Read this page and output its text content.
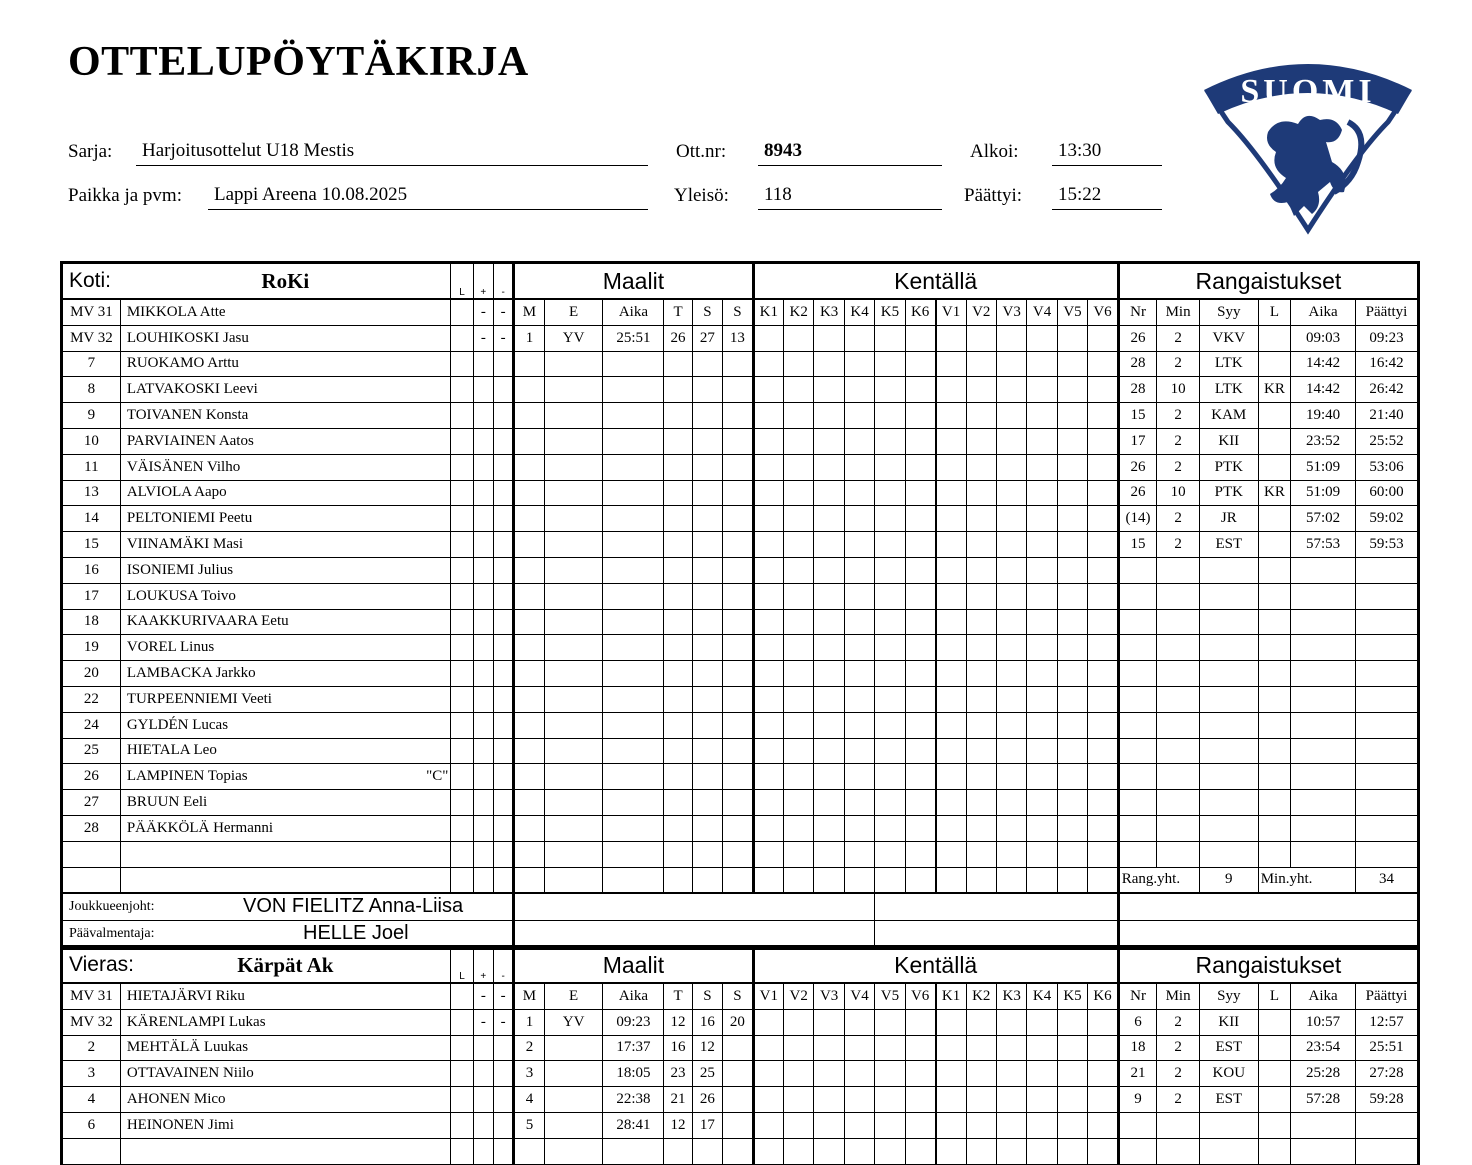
OTTELUPÖYTÄKIRJA
Sarja:	Harjoitusottelut U18 Mestis
Paikka ja pvm:	Lappi Areena 10.08.2025
Ott.nr:	8943
Yleisö:	118
Alkoi:	13:30
Päättyi:	15:22
SUOMI
Koti:	RoKi	L	+	-	Maalit						Kentällä												Rangaistukset					
MV 31	MIKKOLA Atte		-	-	M	E	Aika	T	S	S	K1	K2	K3	K4	K5	K6	V1	V2	V3	V4	V5	V6	Nr	Min	Syy	L	Aika	Päättyi
MV 32	LOUHIKOSKI Jasu		-	-	1	YV	25:51	26	27	13													26	2	VKV		09:03	09:23
7	RUOKAMO Arttu																						28	2	LTK		14:42	16:42
8	LATVAKOSKI Leevi																						28	10	LTK	KR	14:42	26:42
9	TOIVANEN Konsta																						15	2	KAM		19:40	21:40
10	PARVIAINEN Aatos																						17	2	KII		23:52	25:52
11	VÄISÄNEN Vilho																						26	2	PTK		51:09	53:06
13	ALVIOLA Aapo																						26	10	PTK	KR	51:09	60:00
14	PELTONIEMI Peetu																						(14)	2	JR		57:02	59:02
15	VIINAMÄKI Masi																						15	2	EST		57:53	59:53
16	ISONIEMI Julius																											

17	LOUKUSA Toivo																											

18	KAAKKURIVAARA Eetu																											

19	VOREL Linus																											

20	LAMBACKA Jarkko																											

22	TURPEENNIEMI Veeti																											

24	GYLDÉN Lucas																											

25	HIETALA Leo																											

26	LAMPINEN Topias "C"																											

27	BRUUN Eeli																											

28	PÄÄKKÖLÄ Hermanni																											

																							Rang.yht.		9	Min.yht.		34
Joukkueenjoht: VON FIELITZ Anna-Liisa																												

Päävalmentaja: HELLE Joel																												

Vieras:	Kärpät Ak	L	+	-	Maalit						Kentällä												Rangaistukset					
MV 31	HIETAJÄRVI Riku		-	-	M	E	Aika	T	S	S	V1	V2	V3	V4	V5	V6	K1	K2	K3	K4	K5	K6	Nr	Min	Syy	L	Aika	Päättyi
MV 32	KÄRENLAMPI Lukas		-	-	1	YV	09:23	12	16	20													6	2	KII		10:57	12:57
2	MEHTÄLÄ Luukas				2		17:37	16	12														18	2	EST		23:54	25:51
3	OTTAVAINEN Niilo				3		18:05	23	25														21	2	KOU		25:28	27:28
4	AHONEN Mico				4		22:38	21	26														9	2	EST		57:28	59:28
6	HEINONEN Jimi				5		28:41	12	17																			
